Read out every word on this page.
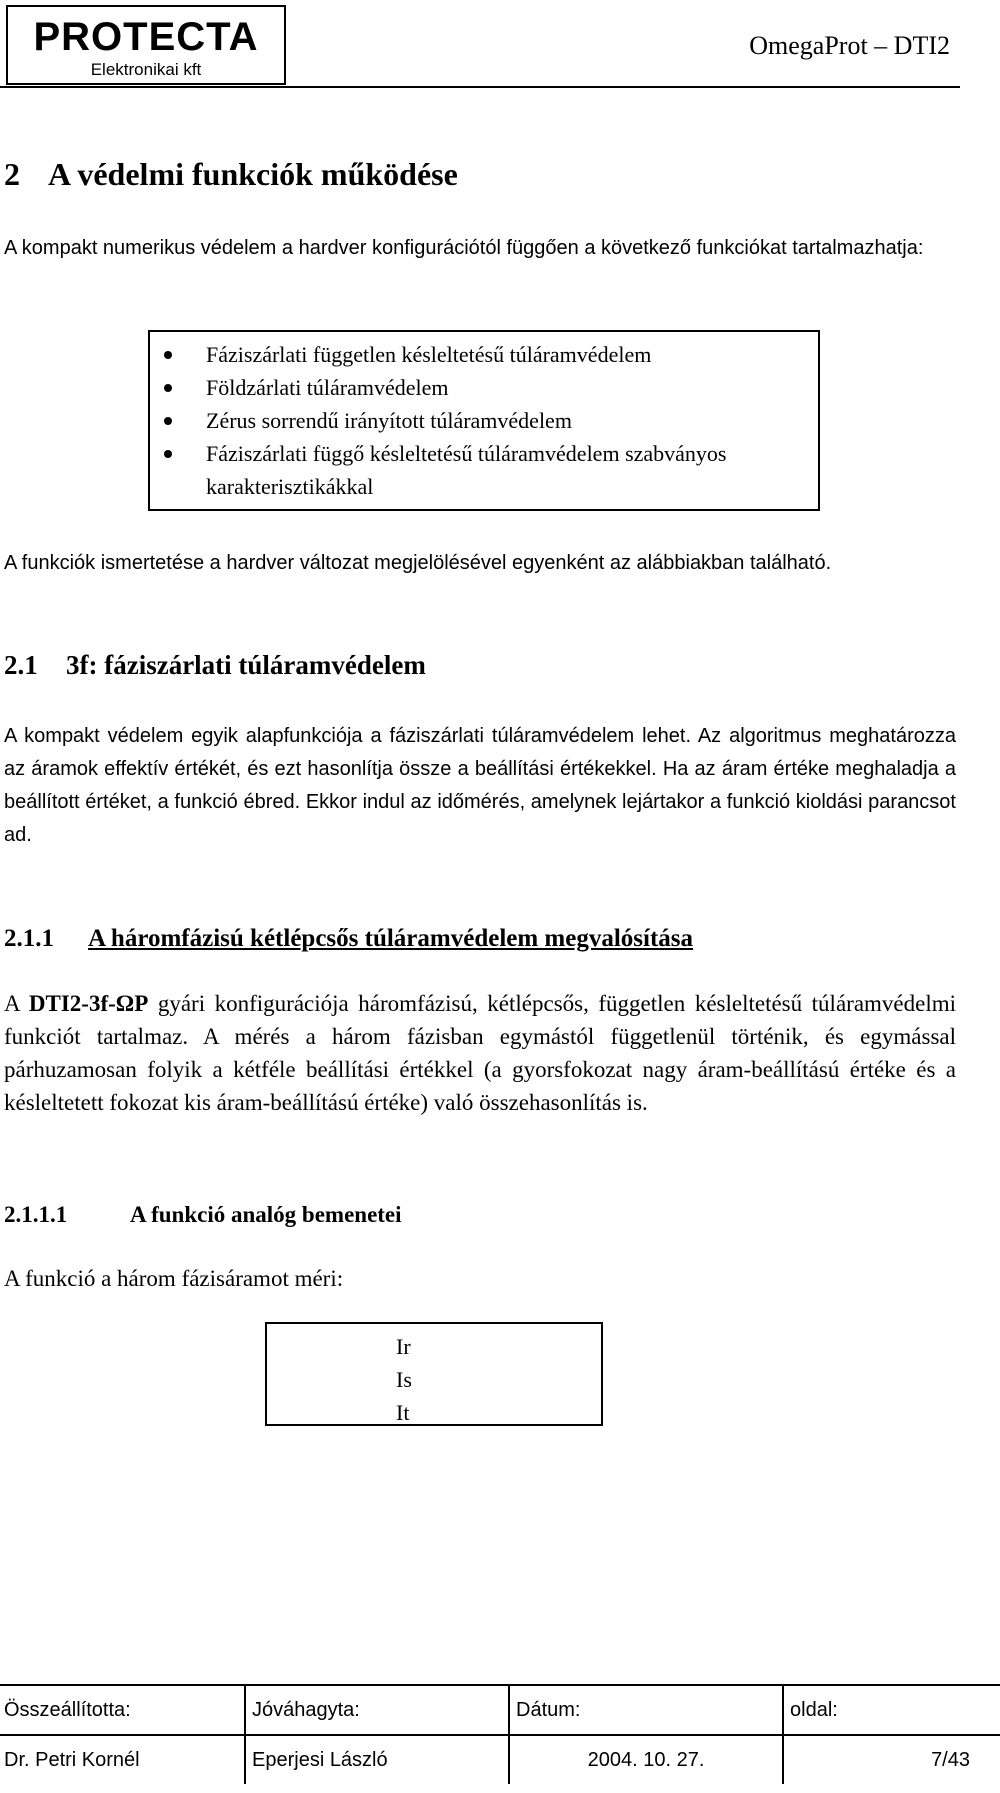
PROTECTA
Elektronikai kft
OmegaProt – DTI2
2 A védelmi funkciók működése

A kompakt numerikus védelem a hardver konfigurációtól függően a következő funkciókat tartalmazhatja:

Fáziszárlati független késleltetésű túláramvédelem
Földzárlati túláramvédelem
Zérus sorrendű irányított túláramvédelem
Fáziszárlati függő késleltetésű túláramvédelem szabványos karakterisztikákkal

A funkciók ismertetése a hardver változat megjelölésével egyenként az alábbiakban található.

2.1 3f: fáziszárlati túláramvédelem

A kompakt védelem egyik alapfunkciója a fáziszárlati túláramvédelem lehet. Az algoritmus meghatározza az áramok effektív értékét, és ezt hasonlítja össze a beállítási értékekkel. Ha az áram értéke meghaladja a beállított értéket, a funkció ébred. Ekkor indul az időmérés, amelynek lejártakor a funkció kioldási parancsot ad.

2.1.1 A háromfázisú kétlépcsős túláramvédelem megvalósítása

A DTI2-3f-ΩP gyári konfigurációja háromfázisú, kétlépcsős, független késleltetésű túláramvédelmi funkciót tartalmaz. A mérés a három fázisban egymástól függetlenül történik, és egymással párhuzamosan folyik a kétféle beállítási értékkel (a gyorsfokozat nagy áram-beállítású értéke és a késleltetett fokozat kis áram-beállítású értéke) való összehasonlítás is.

2.1.1.1	A funkció analóg bemenetei

A funkció a három fázisáramot méri:

Ir
Is
It
Összeállította:	Jóváhagyta:	Dátum:	oldal:
Dr. Petri Kornél	Eperjesi László	2004. 10. 27.	7/43
